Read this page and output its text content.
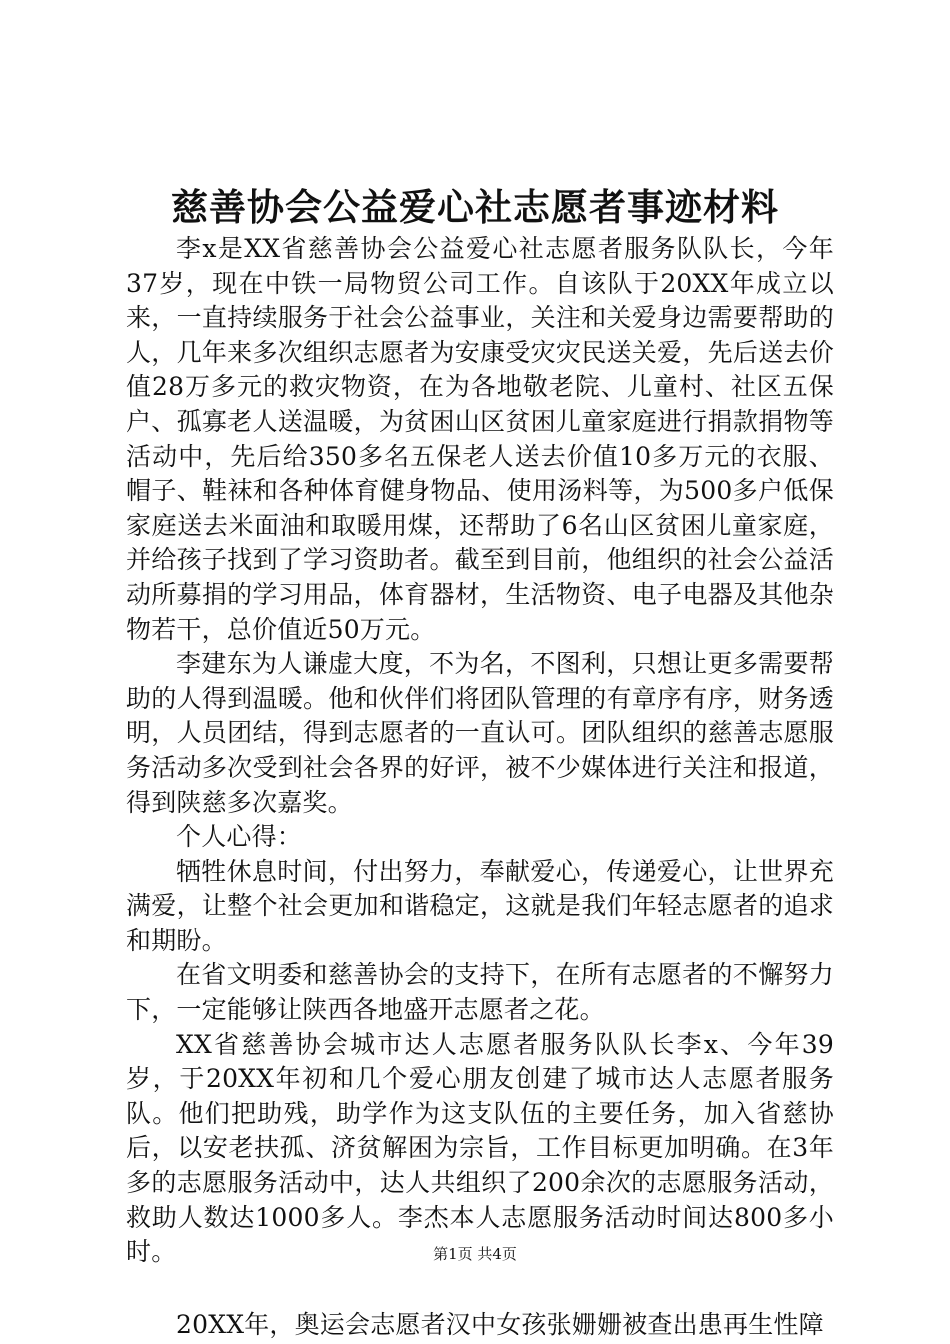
慈善协会公益爱心社志愿者事迹材料

李x是XX省慈善协会公益爱心社志愿者服务队队长，今年37岁，现在中铁一局物贸公司工作。自该队于20XX年成立以来，一直持续服务于社会公益事业，关注和关爱身边需要帮助的人，几年来多次组织志愿者为安康受灾灾民送关爱，先后送去价值28万多元的救灾物资，在为各地敬老院、儿童村、社区五保户、孤寡老人送温暖，为贫困山区贫困儿童家庭进行捐款捐物等活动中，先后给350多名五保老人送去价值10多万元的衣服、帽子、鞋袜和各种体育健身物品、使用汤料等，为500多户低保家庭送去米面油和取暖用煤，还帮助了6名山区贫困儿童家庭，并给孩子找到了学习资助者。截至到目前，他组织的社会公益活动所募捐的学习用品，体育器材，生活物资、电子电器及其他杂物若干，总价值近50万元。

李建东为人谦虚大度，不为名，不图利，只想让更多需要帮助的人得到温暖。他和伙伴们将团队管理的有章序有序，财务透明，人员团结，得到志愿者的一直认可。团队组织的慈善志愿服务活动多次受到社会各界的好评，被不少媒体进行关注和报道，得到陕慈多次嘉奖。

个人心得：

牺牲休息时间，付出努力，奉献爱心，传递爱心，让世界充满爱，让整个社会更加和谐稳定，这就是我们年轻志愿者的追求和期盼。

在省文明委和慈善协会的支持下，在所有志愿者的不懈努力下，一定能够让陕西各地盛开志愿者之花。

XX省慈善协会城市达人志愿者服务队队长李x、今年39岁，于20XX年初和几个爱心朋友创建了城市达人志愿者服务队。他们把助残，助学作为这支队伍的主要任务，加入省慈协后，以安老扶孤、济贫解困为宗旨，工作目标更加明确。在3年多的志愿服务活动中，达人共组织了200余次的志愿服务活动，救助人数达1000多人。李杰本人志愿服务活动时间达800多小时。

20XX年，奥运会志愿者汉中女孩张姗姗被查出患再生性障

第1页 共4页
